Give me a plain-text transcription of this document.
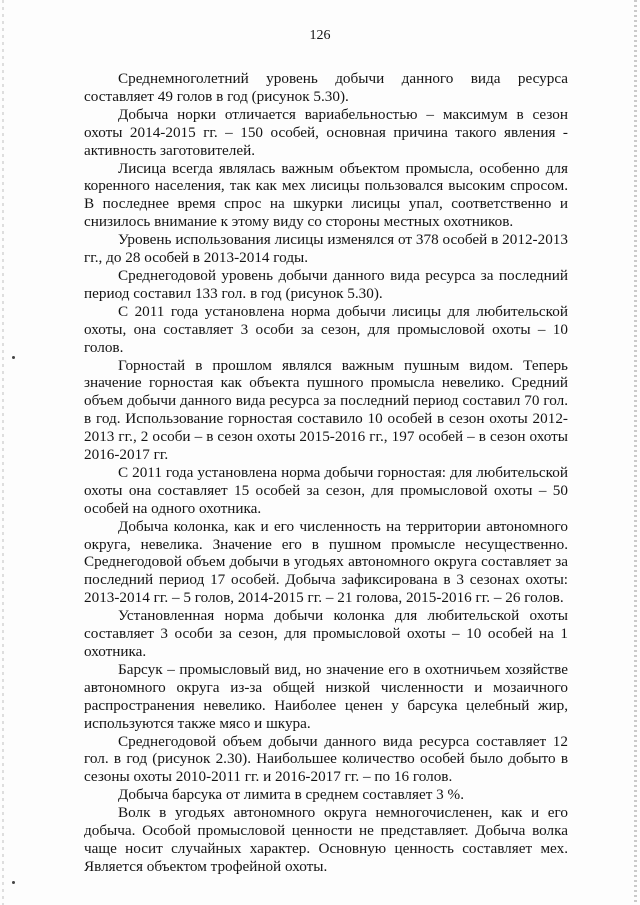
126

Среднемноголетний уровень добычи данного вида ресурса составляет 49 голов в год (рисунок 5.30).

Добыча норки отличается вариабельностью – максимум в сезон охоты 2014-2015 гг. – 150 особей, основная причина такого явления - активность заготовителей.

Лисица всегда являлась важным объектом промысла, особенно для коренного населения, так как мех лисицы пользовался высоким спросом. В последнее время спрос на шкурки лисицы упал, соответственно и снизилось внимание к этому виду со стороны местных охотников.

Уровень использования лисицы изменялся от 378 особей в 2012-2013 гг., до 28 особей в 2013-2014 годы.

Среднегодовой уровень добычи данного вида ресурса за последний период составил 133 гол. в год (рисунок 5.30).

С 2011 года установлена норма добычи лисицы для любительской охоты, она составляет 3 особи за сезон, для промысловой охоты – 10 голов.

Горностай в прошлом являлся важным пушным видом. Теперь значение горностая как объекта пушного промысла невелико. Средний объем добычи данного вида ресурса за последний период составил 70 гол. в год. Использование горностая составило 10 особей в сезон охоты 2012-2013 гг., 2 особи – в сезон охоты 2015-2016 гг., 197 особей – в сезон охоты 2016-2017 гг.

С 2011 года установлена норма добычи горностая: для любительской охоты она составляет 15 особей за сезон, для промысловой охоты – 50 особей на одного охотника.

Добыча колонка, как и его численность на территории автономного округа, невелика. Значение его в пушном промысле несущественно. Среднегодовой объем добычи в угодьях автономного округа составляет за последний период 17 особей. Добыча зафиксирована в 3 сезонах охоты: 2013-2014 гг. – 5 голов, 2014-2015 гг. – 21 голова, 2015-2016 гг. – 26 голов.

Установленная норма добычи колонка для любительской охоты составляет 3 особи за сезон, для промысловой охоты – 10 особей на 1 охотника.

Барсук – промысловый вид, но значение его в охотничьем хозяйстве автономного округа из-за общей низкой численности и мозаичного распространения невелико. Наиболее ценен у барсука целебный жир, используются также мясо и шкура.

Среднегодовой объем добычи данного вида ресурса составляет 12 гол. в год (рисунок 2.30). Наибольшее количество особей было добыто в сезоны охоты 2010-2011 гг. и 2016-2017 гг. – по 16 голов.

Добыча барсука от лимита в среднем составляет 3 %.

Волк в угодьях автономного округа немногочисленен, как и его добыча. Особой промысловой ценности не представляет. Добыча волка чаще носит случайных характер. Основную ценность составляет мех. Является объектом трофейной охоты.
